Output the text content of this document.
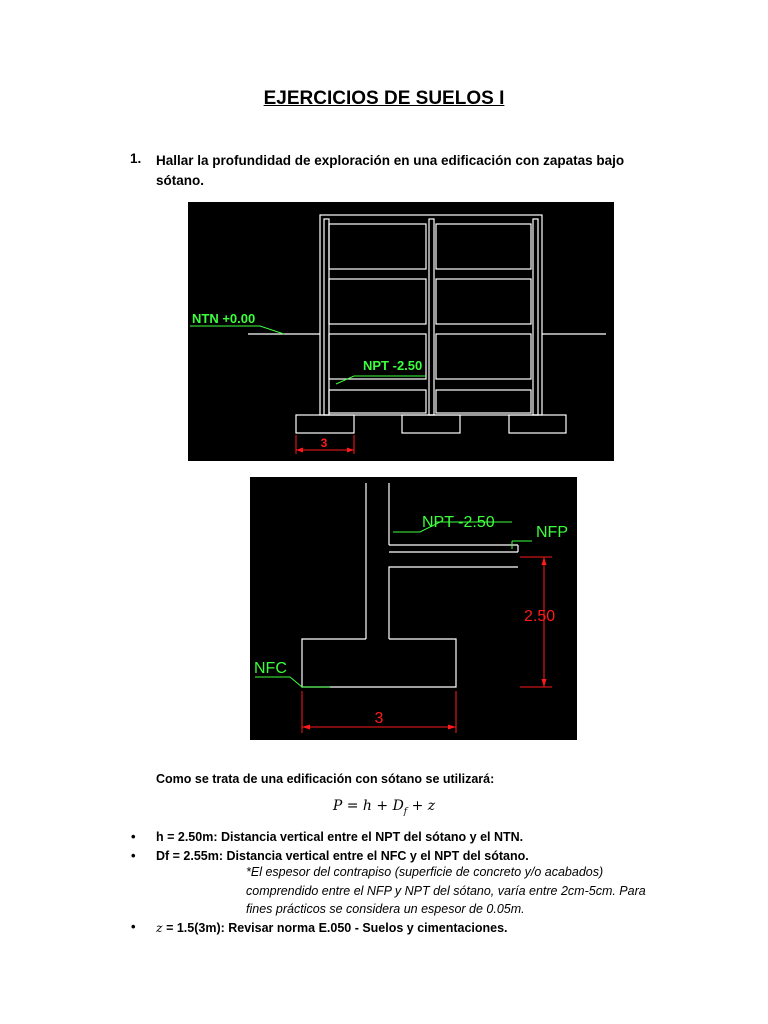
EJERCICIOS DE SUELOS I
1. Hallar la profundidad de exploración en una edificación con zapatas bajo sótano.
NTN +0.00
NPT -2.50
3
NPT -2.50
NFP
NFC
2.50
3
Como se trata de una edificación con sótano se utilizará:
$P = h + D_f + z$
• h = 2.50m: Distancia vertical entre el NPT del sótano y el NTN.
• Df = 2.55m: Distancia vertical entre el NFC y el NPT del sótano.
*El espesor del contrapiso (superficie de concreto y/o acabados)
comprendido entre el NFP y NPT del sótano, varía entre 2cm-5cm. Para
fines prácticos se considera un espesor de 0.05m.
• z = 1.5(3m): Revisar norma E.050 - Suelos y cimentaciones.
